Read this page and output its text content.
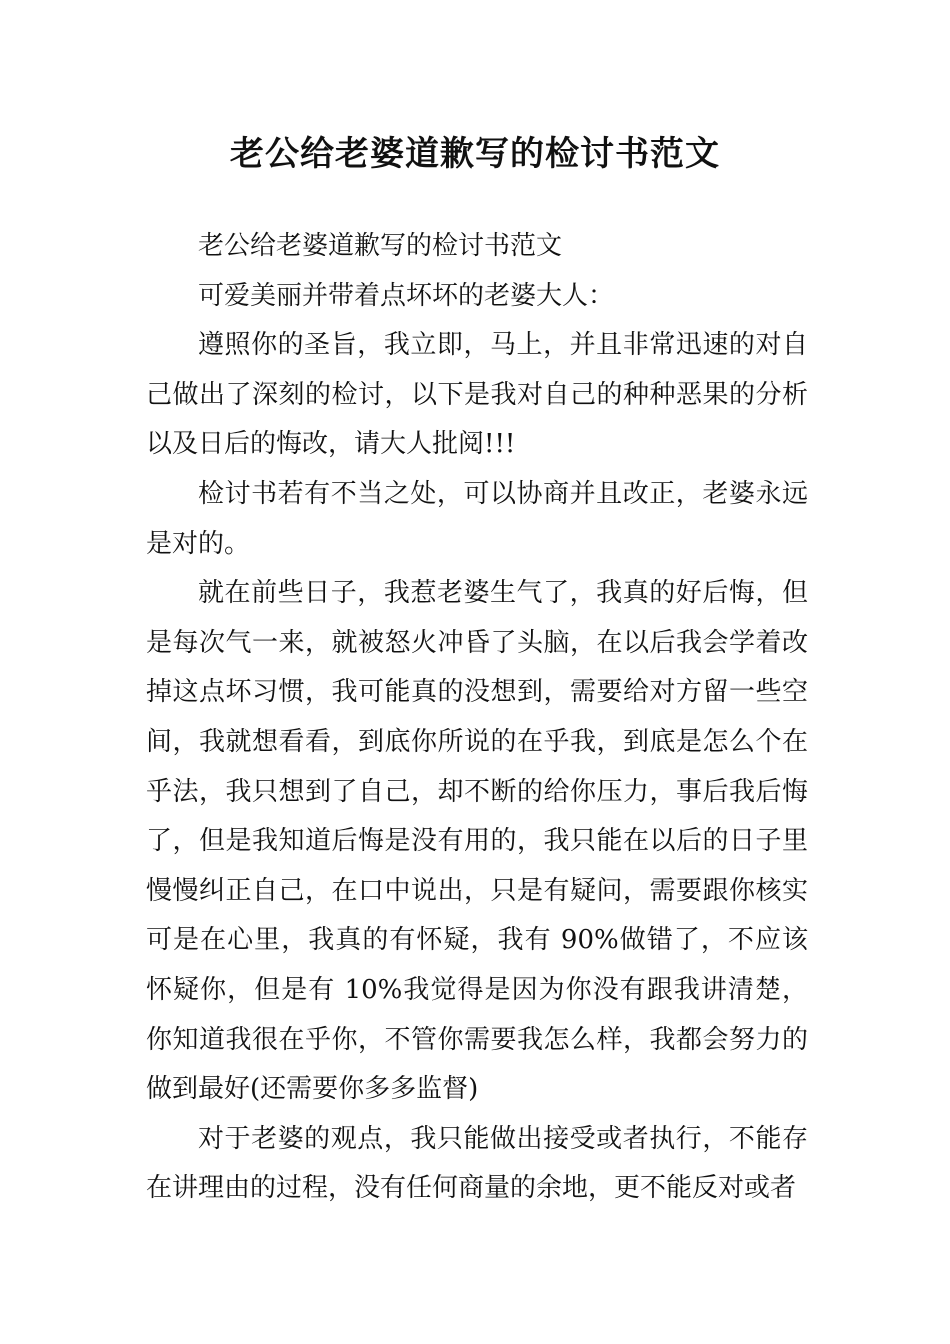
老公给老婆道歉写的检讨书范文

老公给老婆道歉写的检讨书范文

可爱美丽并带着点坏坏的老婆大人：

遵照你的圣旨，我立即，马上，并且非常迅速的对自己做出了深刻的检讨，以下是我对自己的种种恶果的分析以及日后的悔改，请大人批阅!!!

检讨书若有不当之处，可以协商并且改正，老婆永远是对的。

就在前些日子，我惹老婆生气了，我真的好后悔，但是每次气一来，就被怒火冲昏了头脑，在以后我会学着改掉这点坏习惯，我可能真的没想到，需要给对方留一些空间，我就想看看，到底你所说的在乎我，到底是怎么个在乎法，我只想到了自己，却不断的给你压力，事后我后悔了，但是我知道后悔是没有用的，我只能在以后的日子里慢慢纠正自己，在口中说出，只是有疑问，需要跟你核实可是在心里，我真的有怀疑，我有 90%做错了，不应该怀疑你，但是有 10%我觉得是因为你没有跟我讲清楚，你知道我很在乎你，不管你需要我怎么样，我都会努力的做到最好(还需要你多多监督)

对于老婆的观点，我只能做出接受或者执行，不能存在讲理由的过程，没有任何商量的余地，更不能反对或者
